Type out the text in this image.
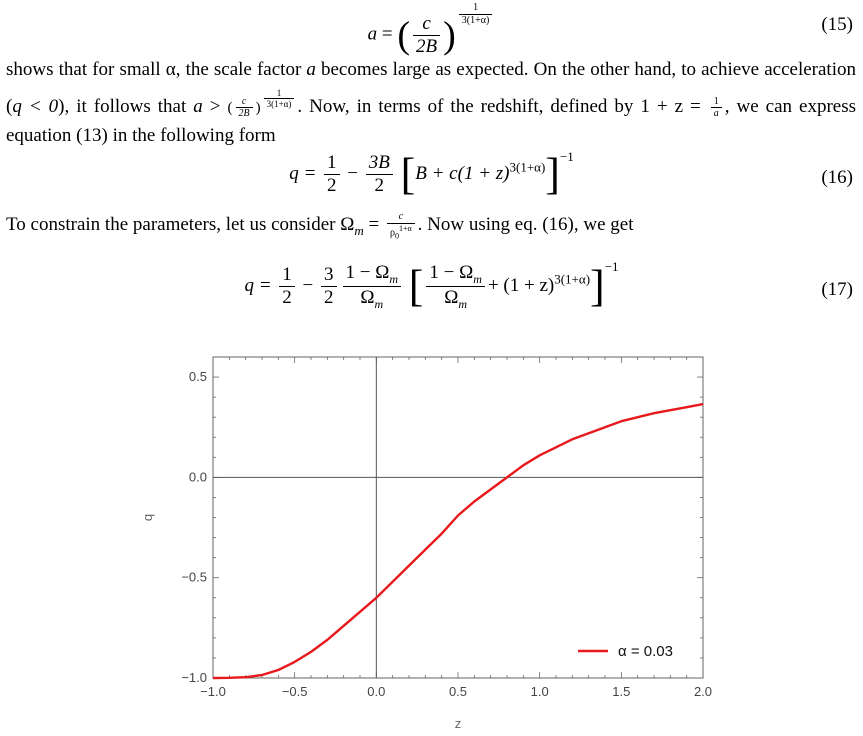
a = ( $\frac{c}{2B}$ )
$^{\frac{1}{3(1+\alpha)}}$	(15)
shows that for small α, the scale factor a becomes large as expected. On the other hand, to achieve acceleration (q < 0), it follows that a > ( $\frac{c}{2B}$ ) $^{\frac{1}{3(1+\alpha)}}$ . Now, in terms of the redshift, defined by $1 + z = \frac{1}{a}$ , we can express equation (13) in the following form
$q = \frac{1}{2} - \frac{3B}{2} [B + c(1 + z)^{3(1+\alpha)}]^{-1}$
(16)
To constrain the parameters, let us consider $\Omega_m = \frac{c}{\rho_0^{1+\alpha}}$ . Now using eq. (16), we get
$q = \frac{1}{2} - \frac{3}{2} \frac{1 - \Omega_m}{\Omega_m}$ [ $\frac{1 - \Omega_m}{\Omega_m} + (1 + z)^{3(1+\alpha)}]^{-1}$
(17)
−1.0	−0.5	0.0	0.5	1.0	1.5	2.0
−1.0
−0.5
0.0
0.5
z
q
α = 0.03
